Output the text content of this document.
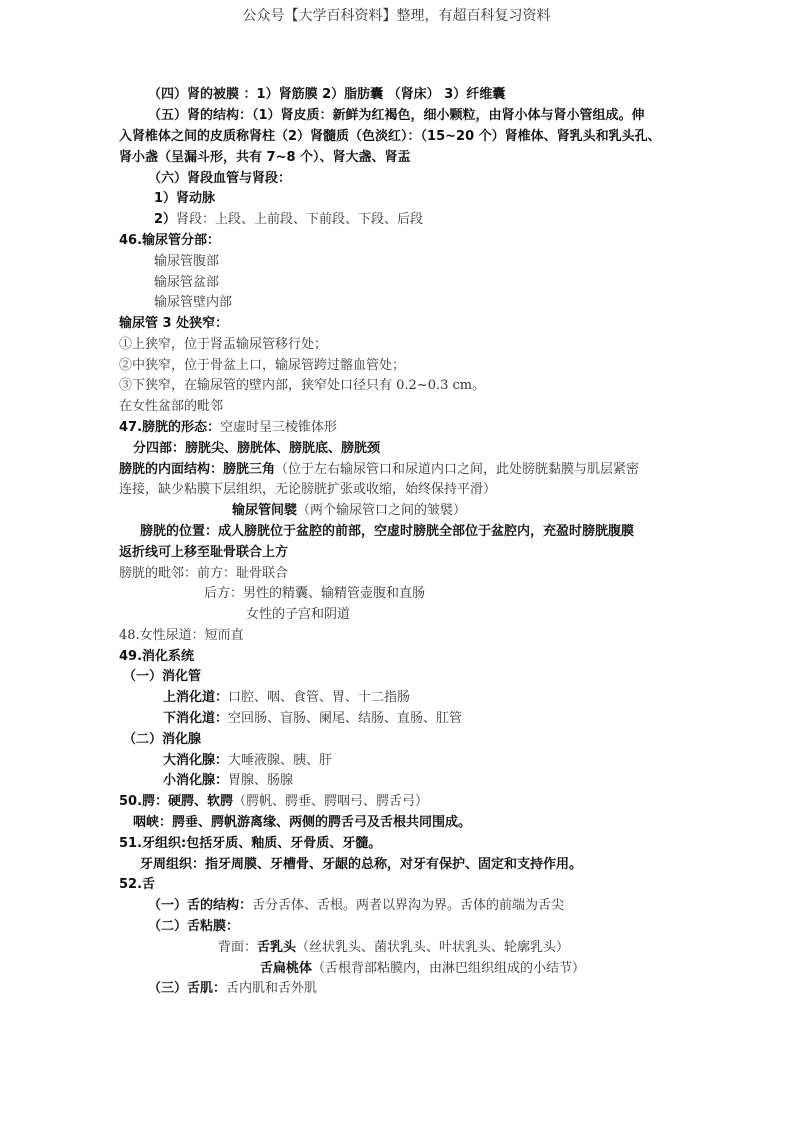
公众号【大学百科资料】整理，有超百科复习资料
（四）肾的被膜 ：1）肾筋膜 2）脂肪囊 （肾床） 3）纤维囊
（五）肾的结构：（1）肾皮质：新鲜为红褐色，细小颗粒，由肾小体与肾小管组成。伸
入肾椎体之间的皮质称肾柱（2）肾髓质（色淡红）：（15~20 个）肾椎体、肾乳头和乳头孔、
肾小盏（呈漏斗形，共有 7~8 个）、肾大盏、肾盂
（六）肾段血管与肾段：
1）肾动脉
2）肾段：上段、上前段、下前段、下段、后段
46.输尿管分部：
输尿管腹部
输尿管盆部
输尿管壁内部
输尿管 3 处狭窄：
①上狭窄，位于肾盂输尿管移行处；
②中狭窄，位于骨盆上口，输尿管跨过髂血管处；
③下狭窄，在输尿管的壁内部，狭窄处口径只有 0.2~0.3 cm。
在女性盆部的毗邻
47.膀胱的形态：空虚时呈三棱锥体形
分四部：膀胱尖、膀胱体、膀胱底、膀胱颈
膀胱的内面结构：膀胱三角（位于左右输尿管口和尿道内口之间，此处膀胱黏膜与肌层紧密
连接，缺少粘膜下层组织，无论膀胱扩张或收缩，始终保持平滑）
输尿管间襞（两个输尿管口之间的皱襞）
膀胱的位置：成人膀胱位于盆腔的前部，空虚时膀胱全部位于盆腔内，充盈时膀胱腹膜
返折线可上移至耻骨联合上方
膀胱的毗邻：前方：耻骨联合
后方：男性的精囊、输精管壶腹和直肠
女性的子宫和阴道
48.女性尿道：短而直
49.消化系统
（一）消化管
上消化道：口腔、咽、食管、胃、十二指肠
下消化道：空回肠、盲肠、阑尾、结肠、直肠、肛管
（二）消化腺
大消化腺：大唾液腺、胰、肝
小消化腺：胃腺、肠腺
50.腭：硬腭、软腭（腭帆、腭垂、腭咽弓、腭舌弓）
咽峡：腭垂、腭帆游离缘、两侧的腭舌弓及舌根共同围成。
51.牙组织:包括牙质、釉质、牙骨质、牙髓。
牙周组织：指牙周膜、牙槽骨、牙龈的总称，对牙有保护、固定和支持作用。
52.舌
（一）舌的结构：舌分舌体、舌根。两者以界沟为界。舌体的前端为舌尖
（二）舌粘膜：
背面：舌乳头（丝状乳头、菌状乳头、叶状乳头、轮廓乳头）
舌扁桃体（舌根背部粘膜内，由淋巴组织组成的小结节）
（三）舌肌：舌内肌和舌外肌
